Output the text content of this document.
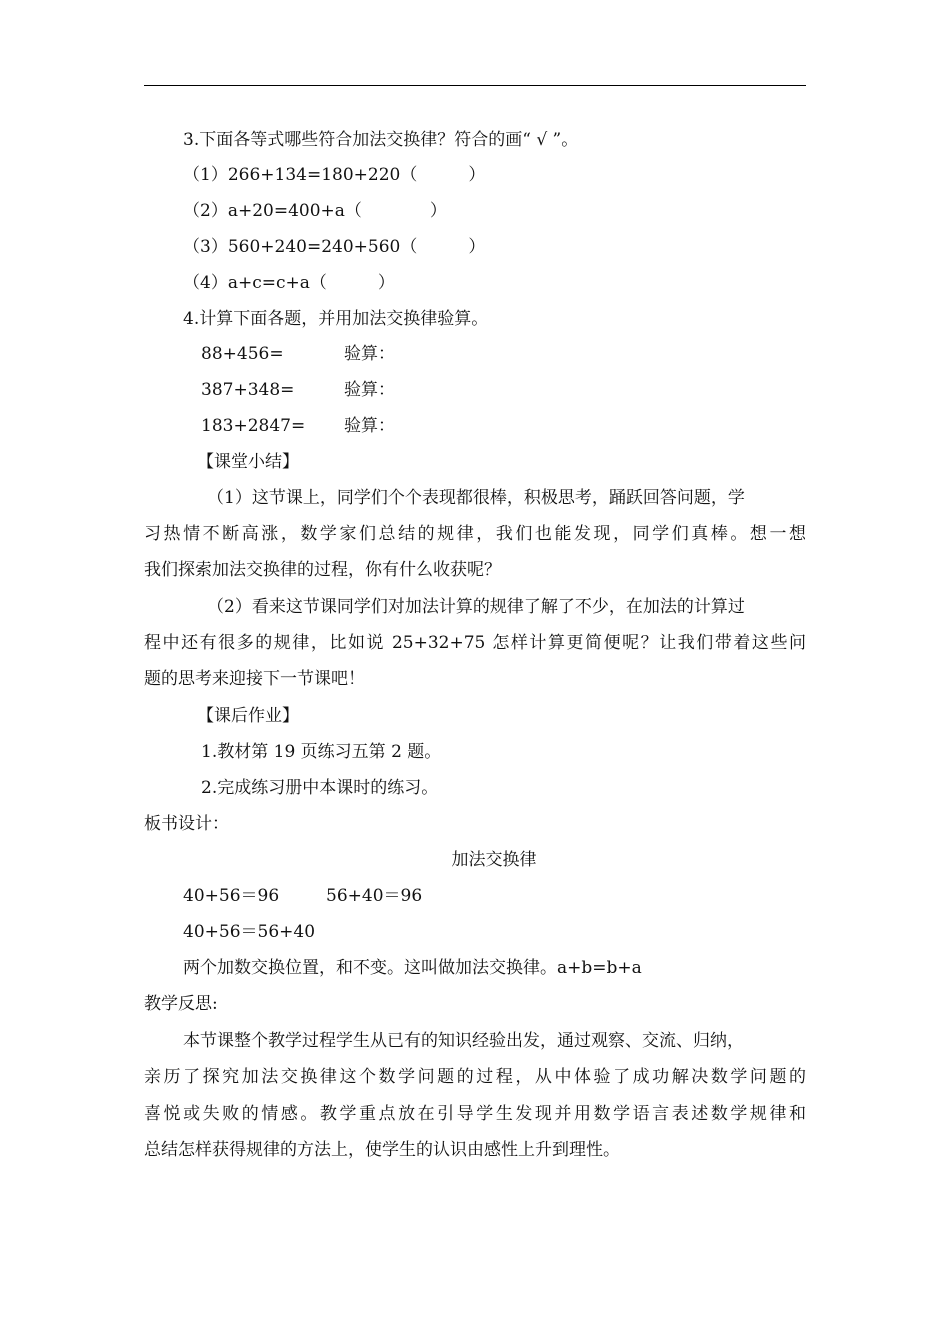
3.下面各等式哪些符合加法交换律？符合的画“ √ ”。
（1）266+134=180+220（　　　）
（2）a+20=400+a（　　　　）
（3）560+240=240+560（　　　）
（4）a+c=c+a（　　　）
4.计算下面各题，并用加法交换律验算。
88+456=	验算：
387+348=	验算：
183+2847= 验算：
【课堂小结】
（1）这节课上，同学们个个表现都很棒，积极思考，踊跃回答问题，学
习热情不断高涨，数学家们总结的规律，我们也能发现，同学们真棒。想一想
我们探索加法交换律的过程，你有什么收获呢？
（2）看来这节课同学们对加法计算的规律了解了不少，在加法的计算过
程中还有很多的规律，比如说 25+32+75 怎样计算更简便呢？让我们带着这些问
题的思考来迎接下一节课吧！
【课后作业】
1.教材第 19 页练习五第 2 题。
2.完成练习册中本课时的练习。
板书设计：
加法交换律
40+56＝96	56+40＝96
40+56＝56+40
两个加数交换位置，和不变。这叫做加法交换律。a+b=b+a
教学反思:
本节课整个教学过程学生从已有的知识经验出发，通过观察、交流、归纳，
亲历了探究加法交换律这个数学问题的过程，从中体验了成功解决数学问题的
喜悦或失败的情感。教学重点放在引导学生发现并用数学语言表述数学规律和
总结怎样获得规律的方法上，使学生的认识由感性上升到理性。
